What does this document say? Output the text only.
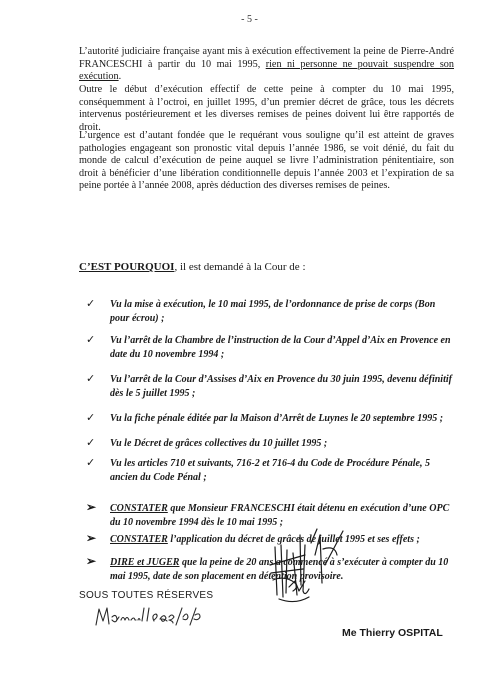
- 5 -
L’autorité judiciaire française ayant mis à exécution effectivement la peine de Pierre-André FRANCESCHI à partir du 10 mai 1995, rien ni personne ne pouvait suspendre son exécution.
Outre le début d’exécution effectif de cette peine à compter du 10 mai 1995, conséquemment à l’octroi, en juillet 1995, d’un premier décret de grâce, tous les décrets intervenus postérieurement et les diverses remises de peines doivent lui être rapportés de droit.
L’urgence est d’autant fondée que le requérant vous souligne qu’il est atteint de graves pathologies engageant son pronostic vital depuis l’année 1986, se voit dénié, du fait du monde de calcul d’exécution de peine auquel se livre l’administration pénitentiaire, son droit à bénéficier d’une libération conditionnelle depuis l’année 2003 et l’expiration de sa peine portée à l’année 2008, après déduction des diverses remises de peines.
C’EST POURQUOI, il est demandé à la Cour de :
✓ Vu la mise à exécution, le 10 mai 1995, de l’ordonnance de prise de corps (Bon pour écrou) ;
✓ Vu l’arrêt de la Chambre de l’instruction de la Cour d’Appel d’Aix en Provence en date du 10 novembre 1994 ;
✓ Vu l’arrêt de la Cour d’Assises d’Aix en Provence du 30 juin 1995, devenu définitif dès le 5 juillet 1995 ;
✓ Vu la fiche pénale éditée par la Maison d’Arrêt de Luynes le 20 septembre 1995 ;
✓ Vu le Décret de grâces collectives du 10 juillet 1995 ;
✓ Vu les articles 710 et suivants, 716-2 et 716-4 du Code de Procédure Pénale, 5 ancien du Code Pénal ;
➢ CONSTATER que Monsieur FRANCESCHI était détenu en exécution d’une OPC du 10 novembre 1994 dès le 10 mai 1995 ;
➢ CONSTATER l’application du décret de grâces de juillet 1995 et ses effets ;
➢ DIRE et JUGER que la peine de 20 ans a commencé à s’exécuter à compter du 10 mai 1995, date de son placement en détention provisoire.
SOUS TOUTES RÉSERVES
Me Thierry OSPITAL
